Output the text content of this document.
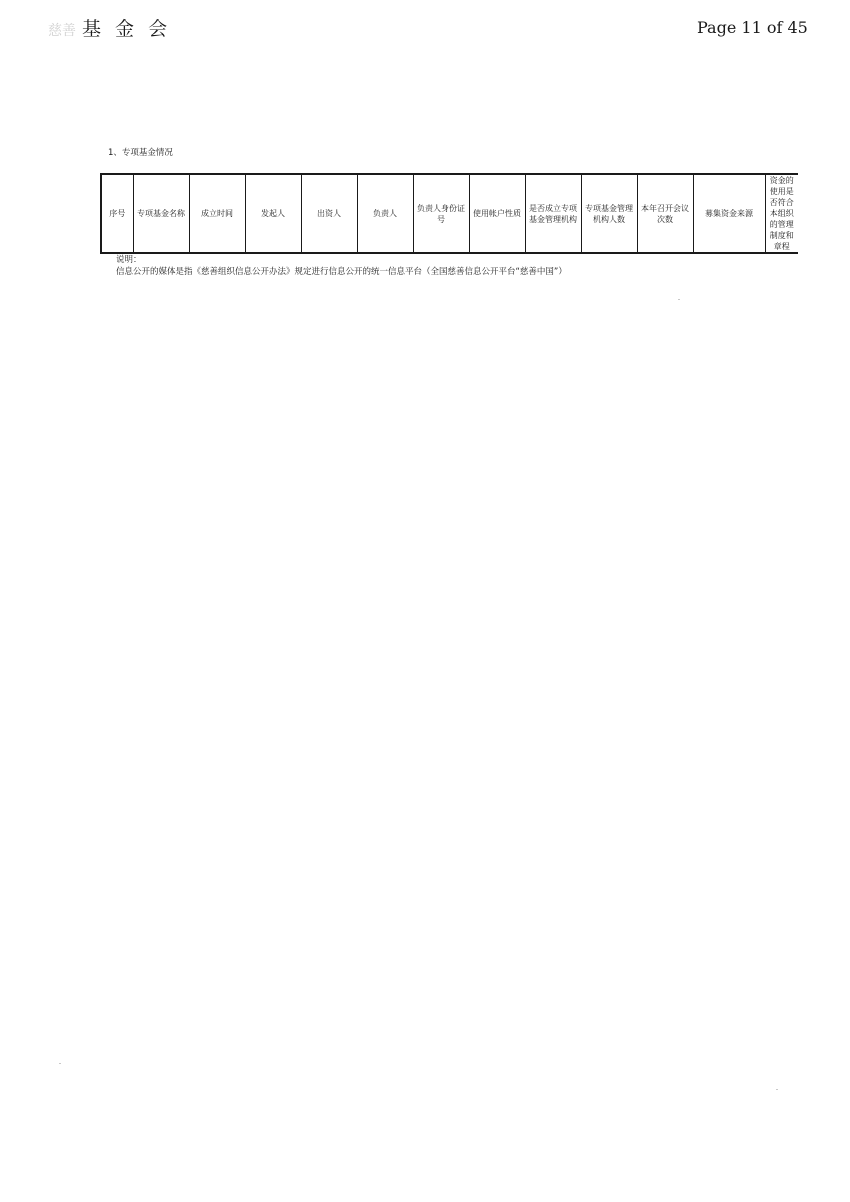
慈善 基 金 会	Page 11 of 45
1、专项基金情况
序号	专项基金名称	成立时间	发起人	出资人	负责人	负责人身份证号	使用帐户性质	是否成立专项基金管理机构	专项基金管理机构人数	本年召开会议次数	募集资金来源	资金的使用是否符合本组织的管理制度和章程
说明：
信息公开的媒体是指《慈善组织信息公开办法》规定进行信息公开的统一信息平台（全国慈善信息公开平台“慈善中国”）
